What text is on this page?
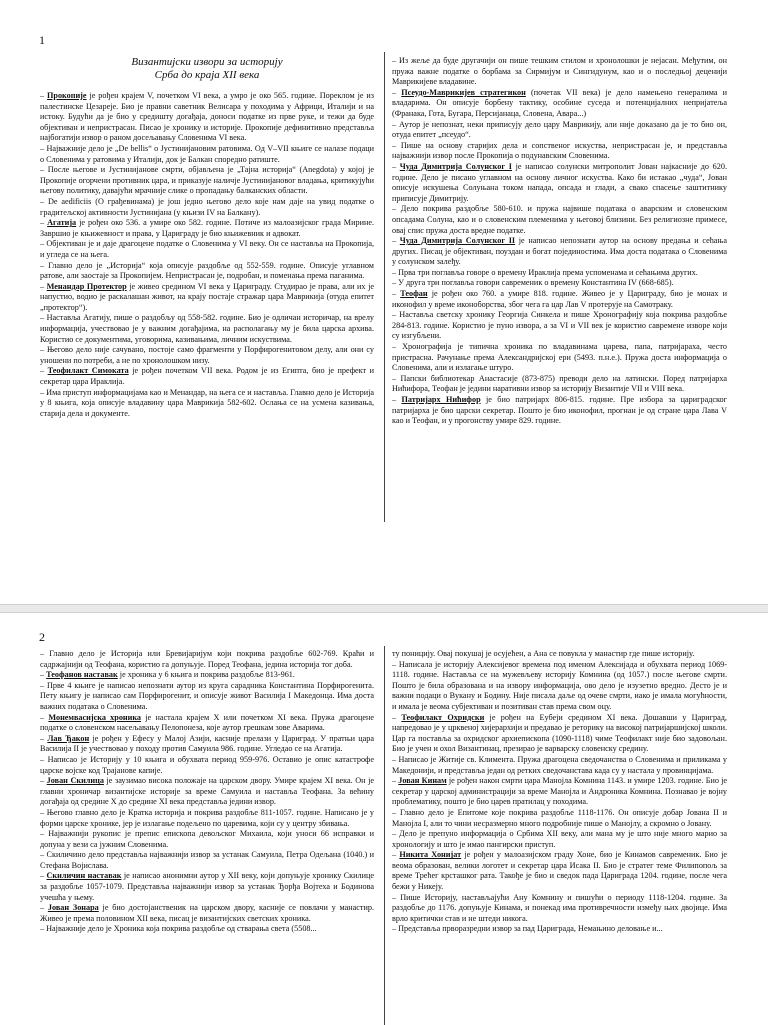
1
Византијски извори за историју
Срба до краја XII века

– Прокопије је рођен крајем V, почетком VI века, а умро је око 565. године. Пореклом је из палестинске Цезареје. Био је правни саветник Велисара у походима у Африци, Италији и на истоку. Будући да је био у средишту догађаја, доноси податке из прве руке, и тежи да буде објективан и непристрасан. Писао је хронику и историје. Прокопије дефинитивно представља најбогатији извор о раном досељавању Словенима VI века.

– Најважније дело је „De bellis“ о Јустинијановим ратовима. Од V–VII књиге се налазе подаци о Словенима у ратовима у Италији, док је Балкан споредно ратиште.

– После његове и Јустинијанове смрти, објављена је „Тајна историја“ (Anegdota) у којој је Прокопије огорчени противник цара, и приказује наличје Јустинијановог владања, критикујући његову политику, давајући мрачније слике о пропадању балканских области.

– De aedificiis (О грађевинама) је још једно његово дело које нам даје на увид податке о градитељској активности Јустинијана (у књизи IV на Балкану).

– Агатија је рођен око 536. а умире око 582. године. Потиче из малоазијског града Мирине. Завршио је књижевност и права, у Цариграду је био књижевник и адвокат.

– Објективан је и даје драгоцене податке о Словенима у VI веку. Он се наставља на Прокопија, и угледа се на њега.

– Главно дело је „Историја“ која описује раздобље од 552-559. године. Описује углавном ратове, али заостаје за Прокопијем. Непристрасан је, подробан, и поменања према паганима.

– Менандар Протектор је живео средином VI века у Цариграду. Студирао је права, али их је напустио, водио је раскалашан живот, на крају постаје стражар цара Маврикија (отуда епитет „протектор“).

– Наставља Агатију, пише о раздобљу од 558-582. године. Био је одличан историчар, на врелу информација, учествовао је у важним догађајима, на располагању му је била царска архива. Користио се документима, уговорима, казивањима, личним искуствима.

– Његово дело није сачувано, постоје само фрагменти у Порфирогенитовом делу, али они су уношени по потреби, а не по хронолошком низу.

– Теофилакт Симоката је рођен почетком VII века. Родом је из Египта, био је префект и секретар цара Ираклија.

– Има приступ информацијама као и Менандар, на њега се и наставља. Главно дело је Историја у 8 књига, која описује владавину цара Маврикија 582-602. Ослања се на усмена казивања, старија дела и документе.

– Из жеље да буде другачији он пише тешким стилом и хронолошки је нејасан. Међутим, он пружа важне податке о борбама за Сирмијум и Сингидунум, као и о последњој деценији Маврикијеве владавине.

– Псеудо-Маврикијев стратегикон (почетак VII века) је дело намењено генералима и владарима. Он описује борбену тактику, особине суседа и потенцијалних непријатеља (Франака, Гота, Бугара, Персијанаца, Словена, Авара...)

– Аутор је непознат, неки приписују дело цару Маврикију, али није доказано да је то био он, отуда епитет „псеудо“.

– Пише на основу старијих дела и сопственог искуства, непристрасан је, и представља најважнији извор после Прокопија о подунавским Словенима.

– Чуда Димитрија Солунског I је написао солунски митрополит Јован најкасније до 620. године. Дело је писано углавном на основу личног искуства. Како би истакао „чуда“, Јован описује искушења Солуњана током напада, опсада и глади, а свако спасење заштитнику приписује Димитрију.

– Дело покрива раздобље 580-610. и пружа највише података о аварским и словенским опсадама Солуна, као и о словенским племенима у његовој близини. Без религиозне примесе, овај спис пружа доста вредне податке.

– Чуда Димитрија Солунског II је написао непознати аутор на основу предања и сећања других. Писац је објективан, поуздан и богат појединостима. Има доста података о Словенима у солунском залеђу.

– Прва три поглавља говоре о времену Ираклија према успоменама и сећањима других.

– У друга три поглавља говори савременик о времену Константина IV (668-685).

– Теофан је рођен око 760. а умире 818. године. Живео је у Цариграду, био је монах и иконофил у време иконоборства, због чега га цар Лав V протерује на Самотраку.

– Наставља светску хронику Георгија Синкела и пише Хронографију која покрива раздобље 284-813. године. Користио је пуно извора, а за VI и VII век је користио савремене изворе који су изгубљени.

– Хронографија је типична хроника по владавинама царева, папа, патријараха, често пристрасна. Рачунање према Александријској ери (5493. п.н.е.). Пружа доста информација о Словенима, али и излагање штуро.

– Папски библиотекар Анастасије (873-875) преводи дело на латински. Поред патријарха Нићифора, Теофан је једини наративни извор за историју Византије VII и VIII века.

– Патријарх Нићифор је био патријарх 806-815. године. Пре избора за цариградског патријарха је био царски секретар. Пошто је био иконофил, прогнан је од стране цара Лава V као и Теофан, и у прогонству умире 829. године.

2

– Главно дело је Историја или Бревијаријум који покрива раздобље 602-769. Краћи и садржајнији од Теофана, користио га допуњује. Поред Теофана, једина историја тог доба.

– Теофанов наставак је хроника у 6 књига и покрива раздобље 813-961.

– Прве 4 књиге је написао непознати аутор из круга сарадника Константина Порфирогенита. Пету књигу је написао сам Порфирогенит, и описује живот Василија I Македонца. Има доста важних података о Словенима.

– Монемвасијска хроника је настала крајем X или почетком XI века. Пружа драгоцене податке о словенском насељавању Пелопонеза, које аутор грешкам зове Аварима.

– Лав Ђакон је рођен у Ефесу у Малој Азији, касније прелази у Цариград. У пратњи цара Василија II је учествовао у походу против Самуила 986. године. Угледао се на Агатија.

– Написао је Историју у 10 књига и обухвата период 959-976. Оставио је опис катастрофе царске војске код Трајанове капије.

– Јован Скилица је заузимао висока положаје на царском двору. Умире крајем XI века. Он је главни хроничар византијске историје за време Самуила и наставља Теофана. За већину догађаја од средине X до средине XI века представља једини извор.

– Његово главно дело је Кратка историја и покрива раздобље 811-1057. године. Написано је у форми царске хронике, јер је излагање подељено по царевима, који су у центру збивања.

– Најважнији рукопис је препис епископа девољског Михаила, који уноси 66 исправки и допуна у вези са јужним Словенима.

– Скиличино дело представља најважнији извор за устанак Самуила, Петра Одељана (1040.) и Стефана Војислава.

– Скиличин наставак је написао анонимни аутор у XII веку, који допуњује хронику Скилице за раздобље 1057-1079. Представља најважнији извор за устанак Ђорђа Војтеха и Бодинова учешћа у њему.

– Јован Зонара је био достојанственик на царском двору, касније се повлачи у манастир. Живео је према половином XII века, писац је византијских светских хроника.

– Најважније дело је Хроника која покрива раздобље од стварања света (5508...

ту поницију. Овај покушај је осујећен, а Ана се повукла у манастир где пише историју.

– Написала је историју Алексијевог времена под именом Алексијада и обухвата период 1069-1118. године. Наставља се на мужевљеву историју Комнина (од 1057.) после његове смрти. Пошто је била образована и на извору информација, ово дело је изузетно вредно. Десто је и важни подаци о Вукану и Бодину. Није писала даље од очеве смрти, иако је имала могућности, и имала је веома субјективан и позитиван став према свом оцу.

– Теофилакт Охридски је рођен на Еубеји средином XI века. Дошавши у Цариград, напредовао је у црквеној хијерархији и предавао је реторику на високој патријаршијској школи. Цар га поставља за охридског архиепископа (1090-1118) чиме Теофилакт није био задовољан. Био је учен и охол Византинац, презирао је варварску словенску средину.

– Написао је Житије св. Климента. Пружа драгоцена сведочанства о Словенима и приликама у Македонији, и представља један од ретких сведочанстава када су у настала у провинцијама.

– Јован Кинам је рођен након смрти цара Манојла Комнина 1143. и умире 1203. године. Био је секретар у царској администрацији за време Манојла и Андроника Комнина. Познавао је војну проблематику, пошто је био царев пратилац у походима.

– Главно дело је Епитоме које покрива раздобље 1118-1176. Он описује добар Јована II и Манојла I, али то чини несразмерно много подробније пише о Манојлу, а скромно о Јовану.

– Дело је препуно информација о Србима XII веку, али мана му је што није много марио за хронологију и што је имао пангирски приступ.

– Никита Хонијат је рођен у малоазијском граду Хоне, био је Кинамов савременик. Био је веома образован, велики логотет и секретар цара Исака II. Био је стратег теме Филипопољ за време Трећег крсташког рата. Такође је био и сведок пада Цариграда 1204. године, после чега бежи у Никеју.

– Пише Историју, настављајући Ану Комнину и пишући о периоду 1118-1204. године. За раздобље до 1176. допуњује Кинама, и понекад има противречности између њих двојице. Има врло критички став и не штеди никога.

– Представља прворазредни извор за пад Цариграда, Немањино деловање и...
